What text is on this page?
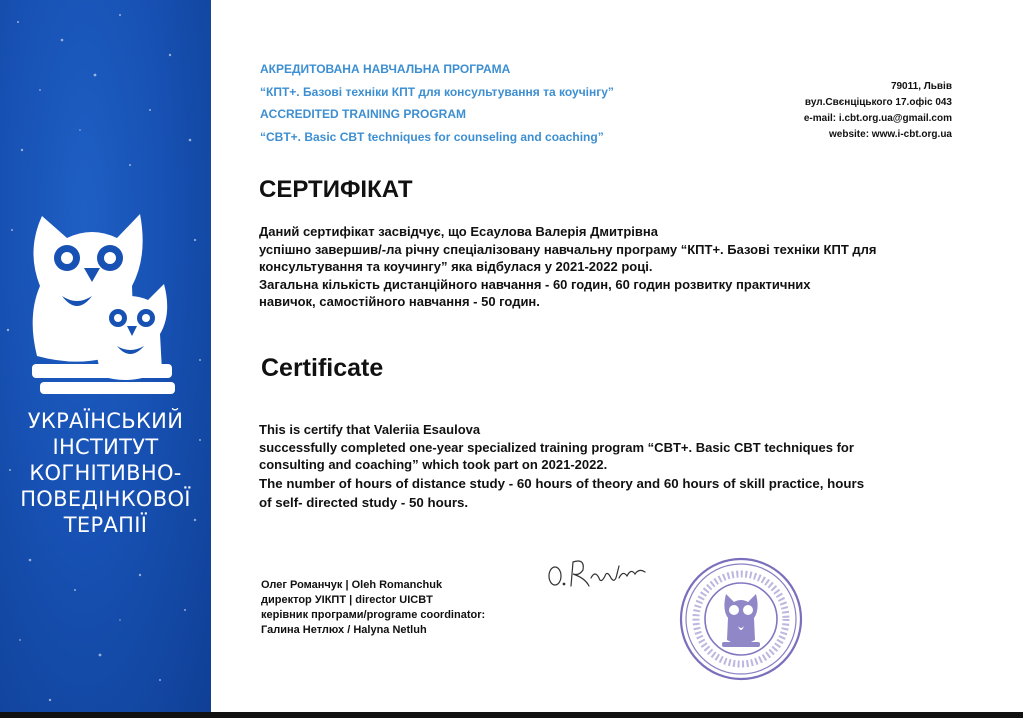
УКРАЇНСЬКИЙ
ІНСТИТУТ
КОГНІТИВНО-
ПОВЕДІНКОВОЇ
ТЕРАПІЇ
АКРЕДИТОВАНА НАВЧАЛЬНА ПРОГРАМА
“КПТ+. Базові техніки КПТ для консультування та коучінгу”
ACCREDITED TRAINING PROGRAM
“CBT+. Basic CBT techniques for counseling and coaching”
79011, Львів
вул.Свєнціцького 17.офіс 043
e-mail: i.cbt.org.ua@gmail.com
website: www.i-cbt.org.ua
СЕРТИФІКАТ
Даний сертифікат засвідчує, що Есаулова Валерія Дмитрівна
успішно завершив/-ла річну спеціалізовану навчальну програму “КПТ+. Базові техніки КПТ для
консультування та коучингу” яка відбулася у 2021-2022 році.
Загальна кількість дистанційного навчання - 60 годин, 60 годин розвитку практичних
навичок, самостійного навчання - 50 годин.
Certificate
This is certify that Valeriia Esaulova
successfully completed one-year specialized training program “CBT+. Basic CBT techniques for
consulting and coaching” which took part on 2021-2022.
The number of hours of distance study - 60 hours of theory and 60 hours of skill practice, hours
of self- directed study - 50 hours.
Олег Романчук | Oleh Romanchuk
директор УІКПТ | director UICBT
керівник програми/programe coordinator:
Галина Нетлюх / Halyna Netluh
